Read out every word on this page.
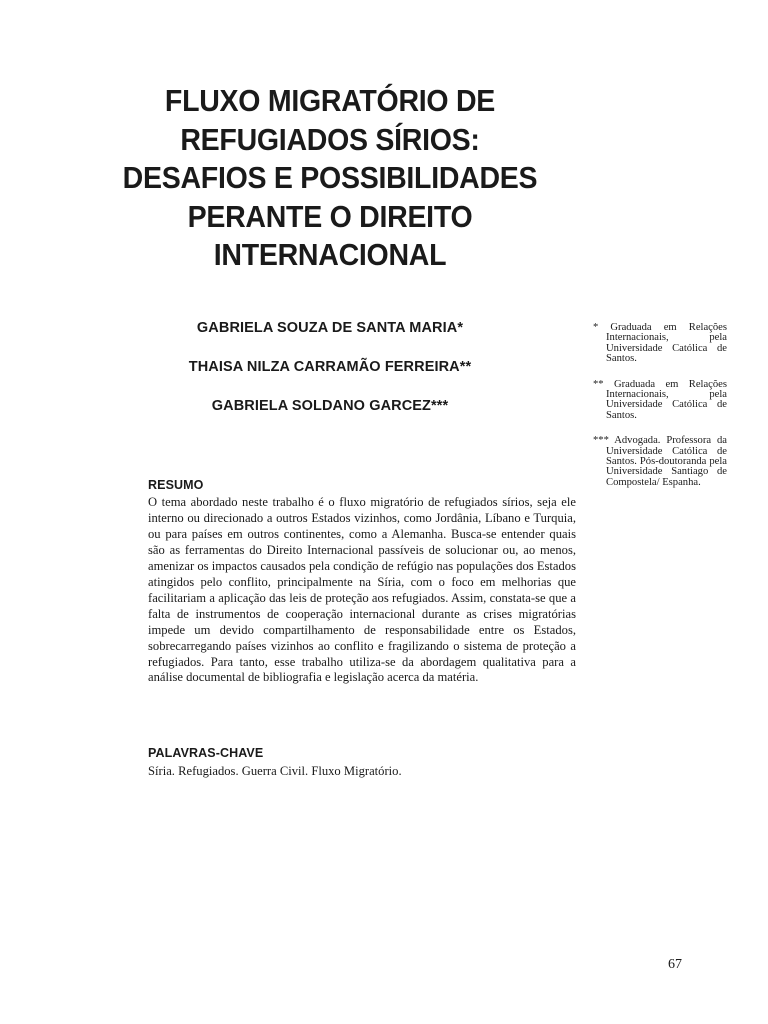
FLUXO MIGRATÓRIO DE
REFUGIADOS SÍRIOS:
DESAFIOS E POSSIBILIDADES
PERANTE O DIREITO
INTERNACIONAL
GABRIELA SOUZA DE SANTA MARIA*
THAISA NILZA CARRAMÃO FERREIRA**
GABRIELA SOLDANO GARCEZ***
* Graduada em Relações Internacionais, pela Universidade Católica de Santos.
** Graduada em Relações Internacionais, pela Universidade Católica de Santos.
*** Advogada. Professora da Universidade Católica de Santos. Pós-doutoranda pela Universidade Santiago de Compostela/ Espanha.
RESUMO

O tema abordado neste trabalho é o fluxo migratório de refugiados sírios, seja ele interno ou direcionado a outros Estados vizinhos, como Jordânia, Líbano e Turquia, ou para países em outros continentes, como a Alemanha. Busca-se entender quais são as ferramentas do Direito Internacional passíveis de solucionar ou, ao menos, amenizar os impactos causados pela condição de refúgio nas populações dos Estados atingidos pelo conflito, principalmente na Síria, com o foco em melhorias que facilitariam a aplicação das leis de proteção aos refugiados. Assim, constata-se que a falta de instrumentos de cooperação internacional durante as crises migratórias impede um devido compartilhamento de responsabilidade entre os Estados, sobrecarregando países vizinhos ao conflito e fragilizando o sistema de proteção a refugiados. Para tanto, esse trabalho utiliza-se da abordagem qualitativa para a análise documental de bibliografia e legislação acerca da matéria.

PALAVRAS-CHAVE

Síria. Refugiados. Guerra Civil. Fluxo Migratório.

67
